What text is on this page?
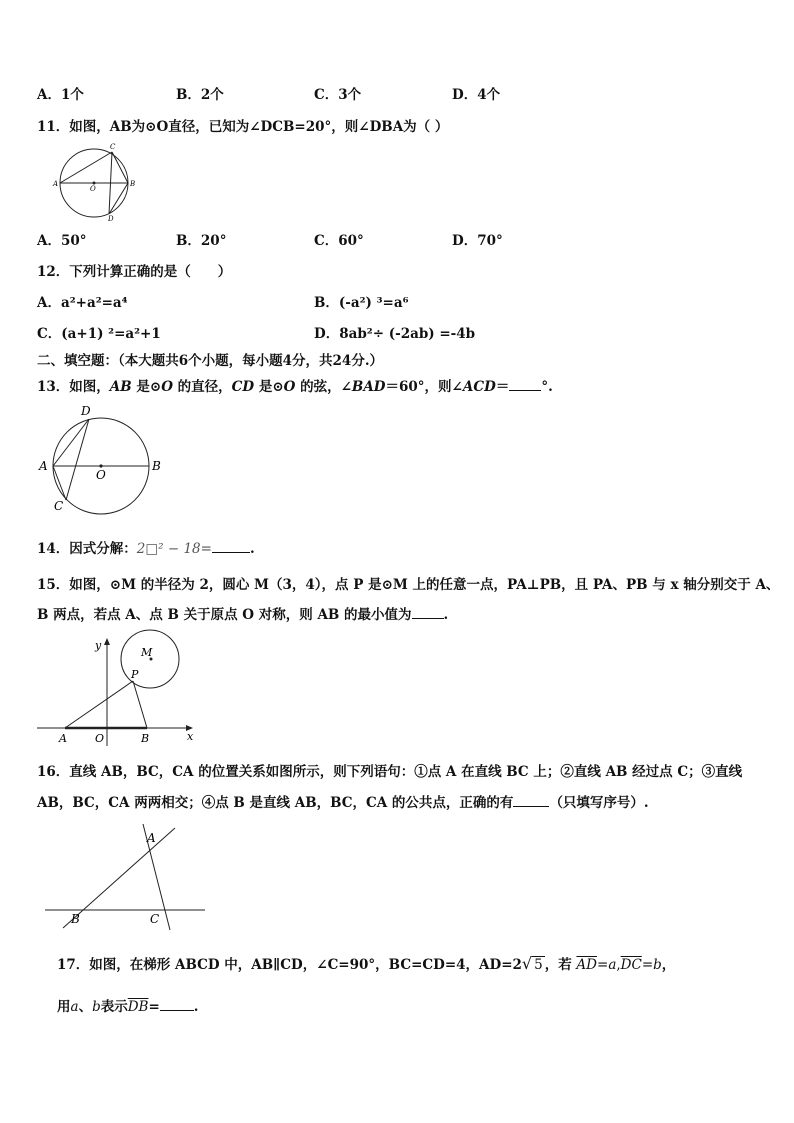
A．1个	B．2个	C．3个	D．4个
11．如图，AB为⊙O直径，已知为∠DCB=20°，则∠DBA为（ ）
A
O
C
B
D
A．50°	B．20°	C．60°	D．70°
12．下列计算正确的是（　　）
A．a²+a²=a⁴	B．(-a²) ³=a⁶
C．(a+1) ²=a²+1	D．8ab²÷ (-2ab) =-4b
二、填空题：（本大题共6个小题，每小题4分，共24分.）
13．如图，AB 是⊙O 的直径，CD 是⊙O 的弦，∠BAD＝60°，则∠ACD＝ °.
D
A
O
B
C
14．因式分解：2□² − 18=	.
15．如图，⊙M 的半径为 2，圆心 M（3，4），点 P 是⊙M 上的任意一点，PA⊥PB，且 PA、PB 与 x 轴分别交于 A、
B 两点，若点 A、点 B 关于原点 O 对称，则 AB 的最小值为 .
y
M
P
A	O	B	x
16．直线 AB，BC，CA 的位置关系如图所示，则下列语句：①点 A 在直线 BC 上；②直线 AB 经过点 C；③直线
AB，BC，CA 两两相交；④点 B 是直线 AB，BC，CA 的公共点，正确的有	（只填写序号）.
A
B	C
17．如图，在梯形 ABCD 中，AB∥CD，∠C=90°，BC=CD=4，AD=2√ 5 ，若 $\overline{AD}=a,\overline{DC}=b$，
用a、b表示$\overline{DB}=$	.
